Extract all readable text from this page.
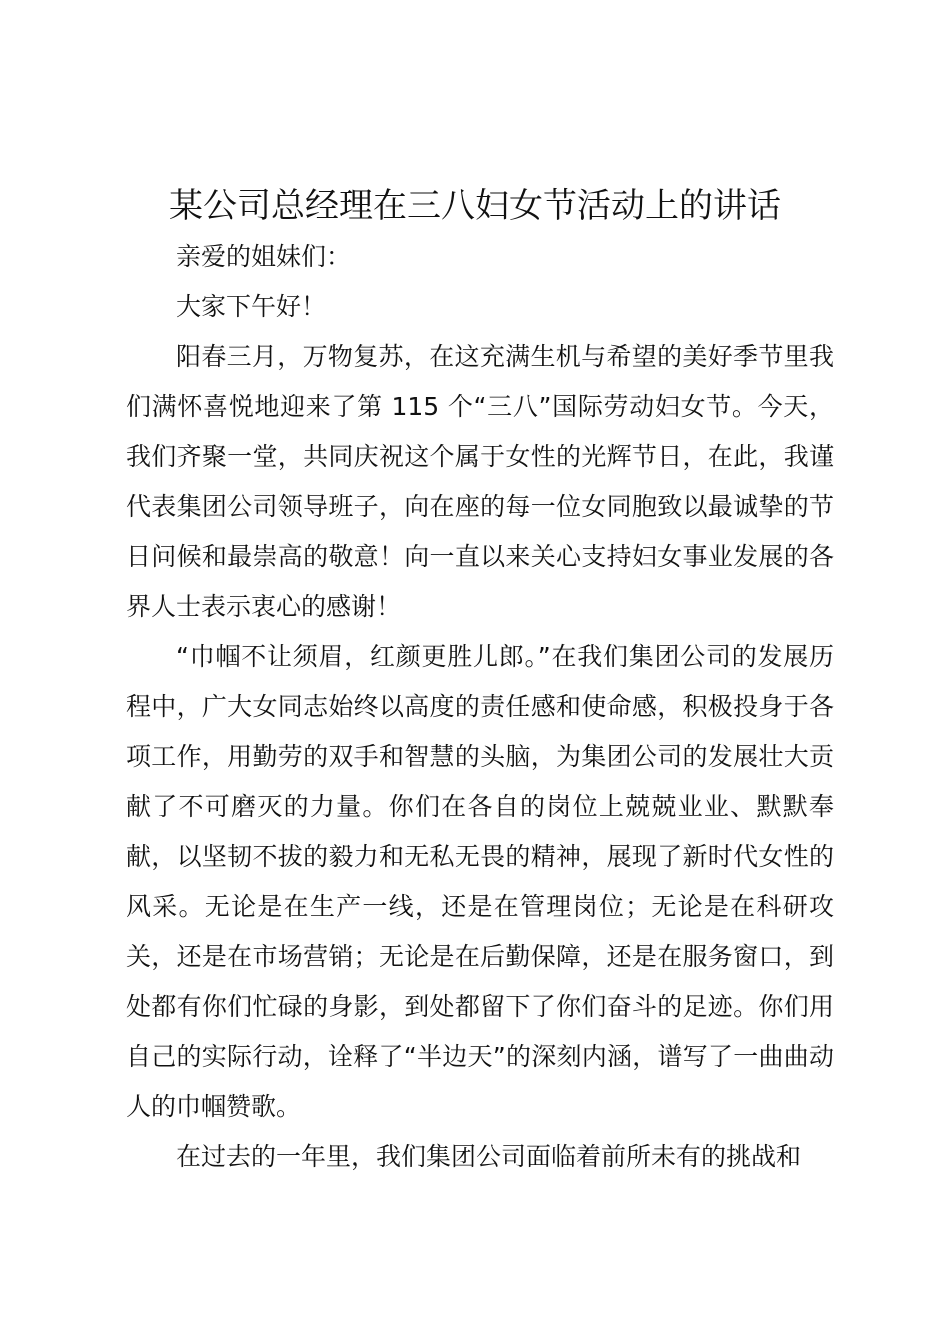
某公司总经理在三八妇女节活动上的讲话

亲爱的姐妹们：

大家下午好！

阳春三月，万物复苏，在这充满生机与希望的美好季节里我们满怀喜悦地迎来了第 115 个“三八”国际劳动妇女节。今天，我们齐聚一堂，共同庆祝这个属于女性的光辉节日，在此，我谨代表集团公司领导班子，向在座的每一位女同胞致以最诚挚的节日问候和最崇高的敬意！向一直以来关心支持妇女事业发展的各界人士表示衷心的感谢！

“巾帼不让须眉，红颜更胜儿郎。”在我们集团公司的发展历程中，广大女同志始终以高度的责任感和使命感，积极投身于各项工作，用勤劳的双手和智慧的头脑，为集团公司的发展壮大贡献了不可磨灭的力量。你们在各自的岗位上兢兢业业、默默奉献，以坚韧不拔的毅力和无私无畏的精神，展现了新时代女性的风采。无论是在生产一线，还是在管理岗位；无论是在科研攻关，还是在市场营销；无论是在后勤保障，还是在服务窗口，到处都有你们忙碌的身影，到处都留下了你们奋斗的足迹。你们用自己的实际行动，诠释了“半边天”的深刻内涵，谱写了一曲曲动人的巾帼赞歌。

在过去的一年里，我们集团公司面临着前所未有的挑战和
